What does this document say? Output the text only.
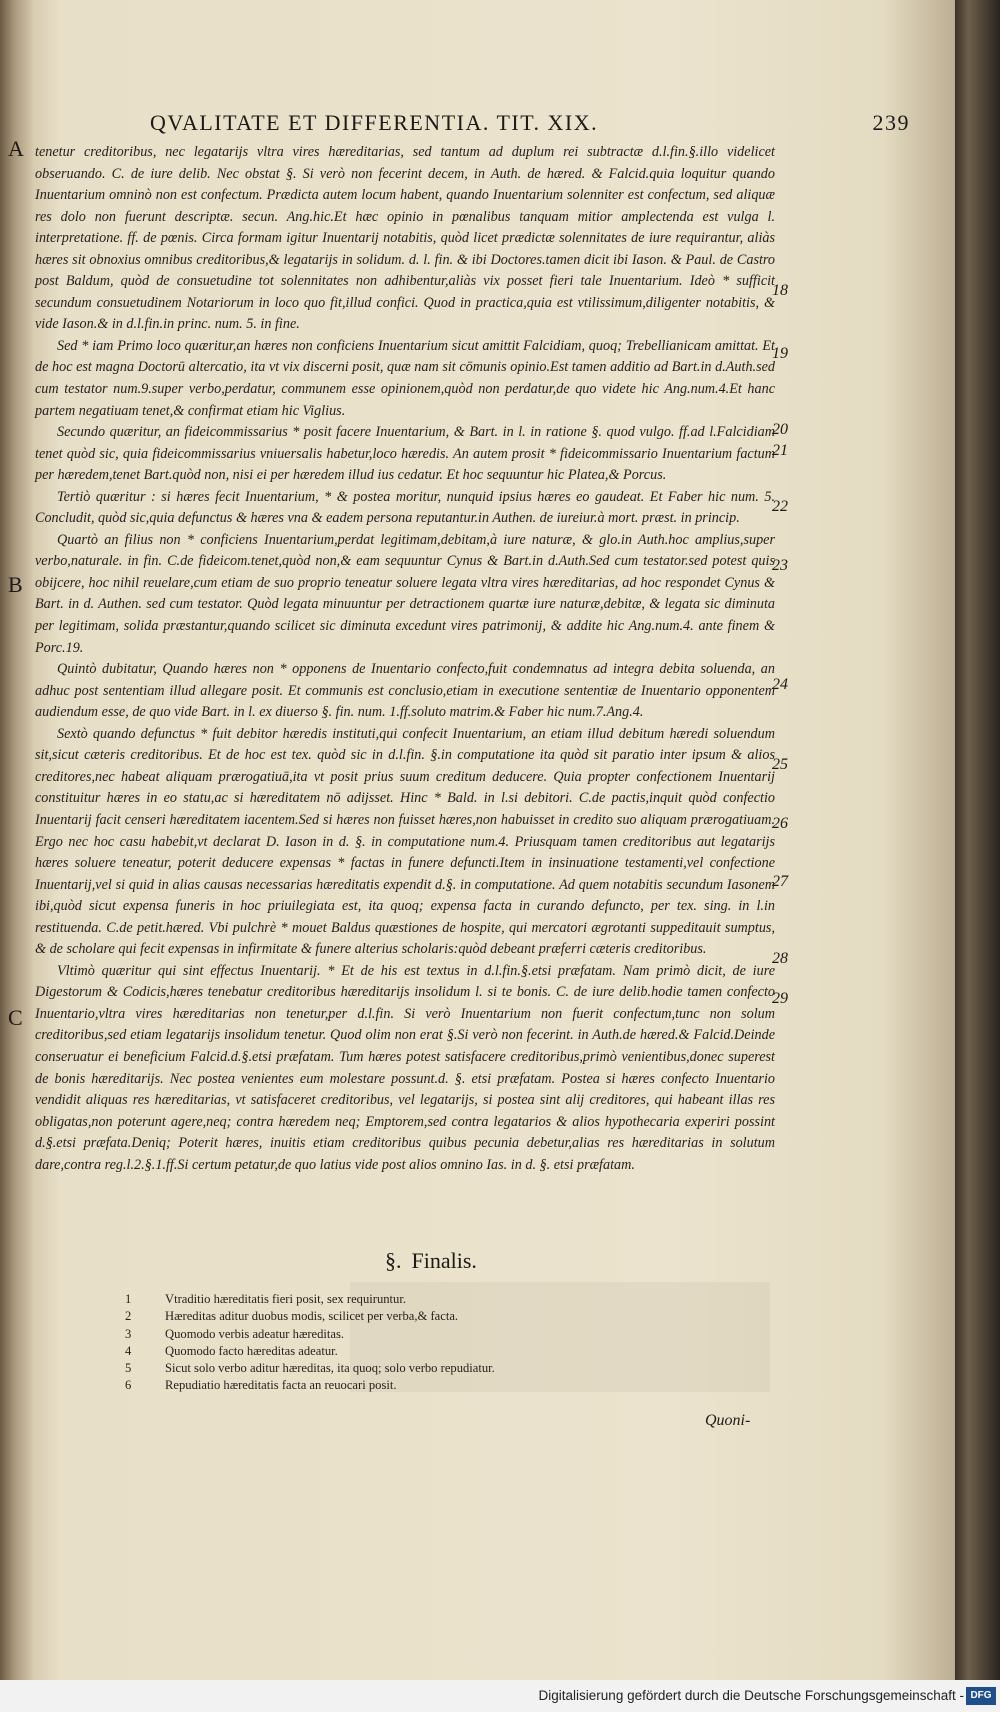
QVALITATE ET DIFFERENTIA. TIT. XIX.	239
A
B
C
18
19
20
21
22
23
24
25
26
27
28
29

tenetur creditoribus, nec legatarijs vltra vires hæreditarias, sed tantum ad duplum rei subtractæ d.l.fin.§.illo videlicet obseruando. C. de iure delib. Nec obstat §. Si verò non fecerint decem, in Auth. de hæred. & Falcid.quia loquitur quando Inuentarium omninò non est confectum. Prædicta autem locum habent, quando Inuentarium solenniter est confectum, sed aliquæ res dolo non fuerunt descriptæ. secun. Ang.hic.Et hæc opinio in pœnalibus tanquam mitior amplectenda est vulga l. interpretatione. ff. de pœnis. Circa formam igitur Inuentarij notabitis, quòd licet prædictæ solennitates de iure requirantur, aliàs hæres sit obnoxius omnibus creditoribus,& legatarijs in solidum. d. l. fin. & ibi Doctores.tamen dicit ibi Iason. & Paul. de Castro post Baldum, quòd de consuetudine tot solennitates non adhibentur,aliàs vix posset fieri tale Inuentarium. Ideò * sufficit secundum consuetudinem Notariorum in loco quo fit,illud confici. Quod in practica,quia est vtilissimum,diligenter notabitis, & vide Iason.& in d.l.fin.in princ. num. 5. in fine.

Sed * iam Primo loco quæritur,an hæres non conficiens Inuentarium sicut amittit Falcidiam, quoq; Trebellianicam amittat. Et de hoc est magna Doctorū altercatio, ita vt vix discerni posit, quæ nam sit cōmunis opinio.Est tamen additio ad Bart.in d.Auth.sed cum testator num.9.super verbo,perdatur, communem esse opinionem,quòd non perdatur,de quo videte hic Ang.num.4.Et hanc partem negatiuam tenet,& confirmat etiam hic Viglius.

Secundo quæritur, an fideicommissarius * posit facere Inuentarium, & Bart. in l. in ratione §. quod vulgo. ff.ad l.Falcidiam tenet quòd sic, quia fideicommissarius vniuersalis habetur,loco hæredis. An autem prosit * fideicommissario Inuentarium factum per hæredem,tenet Bart.quòd non, nisi ei per hæredem illud ius cedatur. Et hoc sequuntur hic Platea,& Porcus.

Tertiò quæritur : si hæres fecit Inuentarium, * & postea moritur, nunquid ipsius hæres eo gaudeat. Et Faber hic num. 5. Concludit, quòd sic,quia defunctus & hæres vna & eadem persona reputantur.in Authen. de iureiur.à mort. præst. in princip.

Quartò an filius non * conficiens Inuentarium,perdat legitimam,debitam,à iure naturæ, & glo.in Auth.hoc amplius,super verbo,naturale. in fin. C.de fideicom.tenet,quòd non,& eam sequuntur Cynus & Bart.in d.Auth.Sed cum testator.sed potest quis obijcere, hoc nihil reuelare,cum etiam de suo proprio teneatur soluere legata vltra vires hæreditarias, ad hoc respondet Cynus & Bart. in d. Authen. sed cum testator. Quòd legata minuuntur per detractionem quartæ iure naturæ,debitæ, & legata sic diminuta per legitimam, solida præstantur,quando scilicet sic diminuta excedunt vires patrimonij, & addite hic Ang.num.4. ante finem & Porc.19.

Quintò dubitatur, Quando hæres non * opponens de Inuentario confecto,fuit condemnatus ad integra debita soluenda, an adhuc post sententiam illud allegare posit. Et communis est conclusio,etiam in executione sententiæ de Inuentario opponentem audiendum esse, de quo vide Bart. in l. ex diuerso §. fin. num. 1.ff.soluto matrim.& Faber hic num.7.Ang.4.

Sextò quando defunctus * fuit debitor hæredis instituti,qui confecit Inuentarium, an etiam illud debitum hæredi soluendum sit,sicut cæteris creditoribus. Et de hoc est tex. quòd sic in d.l.fin. §.in computatione ita quòd sit paratio inter ipsum & alios creditores,nec habeat aliquam prærogatiuā,ita vt posit prius suum creditum deducere. Quia propter confectionem Inuentarij constituitur hæres in eo statu,ac si hæreditatem nō adijsset. Hinc * Bald. in l.si debitori. C.de pactis,inquit quòd confectio Inuentarij facit censeri hæreditatem iacentem.Sed si hæres non fuisset hæres,non habuisset in credito suo aliquam prærogatiuam. Ergo nec hoc casu habebit,vt declarat D. Iason in d. §. in computatione num.4. Priusquam tamen creditoribus aut legatarijs hæres soluere teneatur, poterit deducere expensas * factas in funere defuncti.Item in insinuatione testamenti,vel confectione Inuentarij,vel si quid in alias causas necessarias hæreditatis expendit d.§. in computatione. Ad quem notabitis secundum Iasonem ibi,quòd sicut expensa funeris in hoc priuilegiata est, ita quoq; expensa facta in curando defuncto, per tex. sing. in l.in restituenda. C.de petit.hæred. Vbi pulchrè * mouet Baldus quæstiones de hospite, qui mercatori ægrotanti suppeditauit sumptus, & de scholare qui fecit expensas in infirmitate & funere alterius scholaris:quòd debeant præferri cæteris creditoribus.

Vltimò quæritur qui sint effectus Inuentarij. * Et de his est textus in d.l.fin.§.etsi præfatam. Nam primò dicit, de iure Digestorum & Codicis,hæres tenebatur creditoribus hæreditarijs insolidum l. si te bonis. C. de iure delib.hodie tamen confecto Inuentario,vltra vires hæreditarias non tenetur,per d.l.fin. Si verò Inuentarium non fuerit confectum,tunc non solum creditoribus,sed etiam legatarijs insolidum tenetur. Quod olim non erat §.Si verò non fecerint. in Auth.de hæred.& Falcid.Deinde conseruatur ei beneficium Falcid.d.§.etsi præfatam. Tum hæres potest satisfacere creditoribus,primò venientibus,donec superest de bonis hæreditarijs. Nec postea venientes eum molestare possunt.d. §. etsi præfatam. Postea si hæres confecto Inuentario vendidit aliquas res hæreditarias, vt satisfaceret creditoribus, vel legatarijs, si postea sint alij creditores, qui habeant illas res obligatas,non poterunt agere,neq; contra hæredem neq; Emptorem,sed contra legatarios & alios hypothecaria experiri possint d.§.etsi præfata.Deniq; Poterit hæres, inuitis etiam creditoribus quibus pecunia debetur,alias res hæreditarias in solutum dare,contra reg.l.2.§.1.ff.Si certum petatur,de quo latius vide post alios omnino Ias. in d. §. etsi præfatam.

§. Finalis.
1	Vtraditio hæreditatis fieri posit, sex requiruntur.
2	Hæreditas aditur duobus modis, scilicet per verba,& facta.
3	Quomodo verbis adeatur hæreditas.
4	Quomodo facto hæreditas adeatur.
5	Sicut solo verbo aditur hæreditas, ita quoq; solo verbo repudiatur.
6	Repudiatio hæreditatis facta an reuocari posit.
Quoni-
Digitalisierung gefördert durch die Deutsche Forschungsgemeinschaft - DFG
